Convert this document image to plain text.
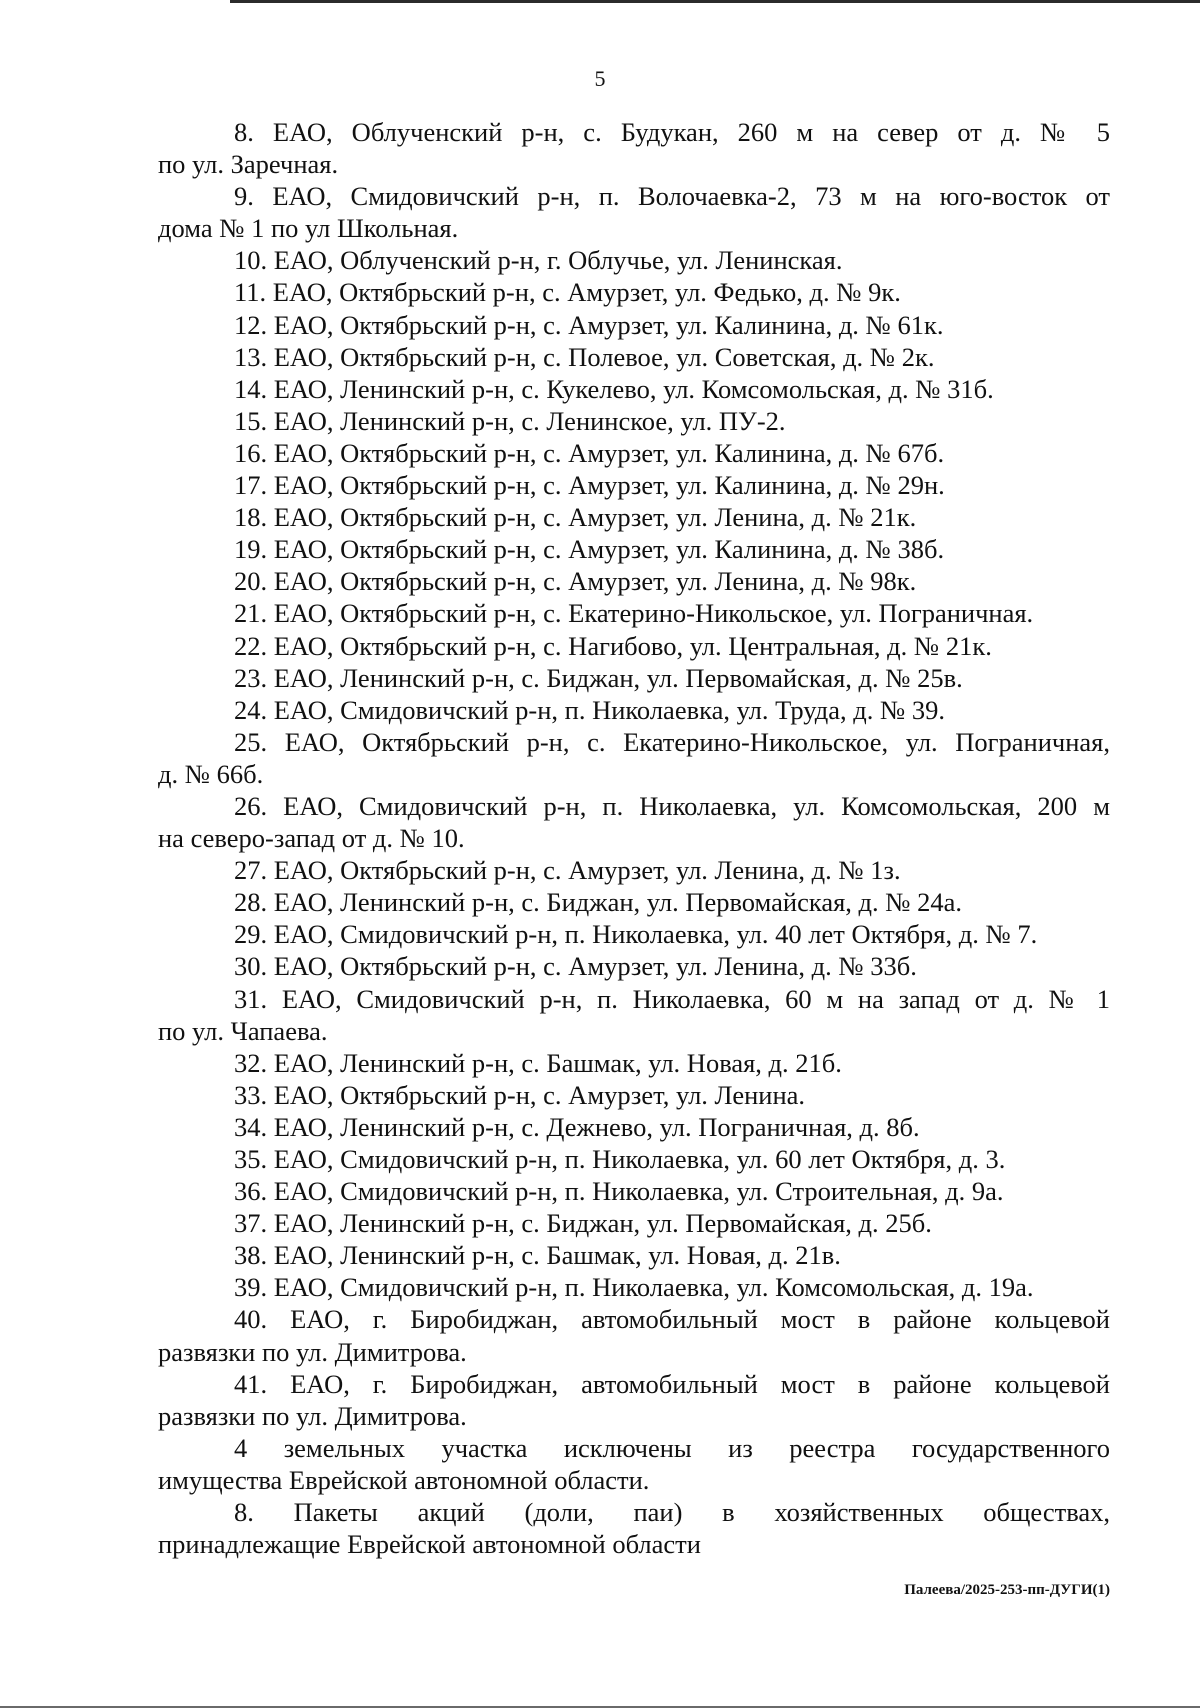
5

8. ЕАО, Облученский р-н, с. Будукан, 260 м на север от д. № 5
по ул. Заречная.

9. ЕАО, Смидовичский р-н, п. Волочаевка-2, 73 м на юго-восток от
дома № 1 по ул Школьная.

10. ЕАО, Облученский р-н, г. Облучье, ул. Ленинская.

11. ЕАО, Октябрьский р-н, с. Амурзет, ул. Федько, д. № 9к.

12. ЕАО, Октябрьский р-н, с. Амурзет, ул. Калинина, д. № 61к.

13. ЕАО, Октябрьский р-н, с. Полевое, ул. Советская, д. № 2к.

14. ЕАО, Ленинский р-н, с. Кукелево, ул. Комсомольская, д. № 31б.

15. ЕАО, Ленинский р-н, с. Ленинское, ул. ПУ-2.

16. ЕАО, Октябрьский р-н, с. Амурзет, ул. Калинина, д. № 67б.

17. ЕАО, Октябрьский р-н, с. Амурзет, ул. Калинина, д. № 29н.

18. ЕАО, Октябрьский р-н, с. Амурзет, ул. Ленина, д. № 21к.

19. ЕАО, Октябрьский р-н, с. Амурзет, ул. Калинина, д. № 38б.

20. ЕАО, Октябрьский р-н, с. Амурзет, ул. Ленина, д. № 98к.

21. ЕАО, Октябрьский р-н, с. Екатерино-Никольское, ул. Пограничная.

22. ЕАО, Октябрьский р-н, с. Нагибово, ул. Центральная, д. № 21к.

23. ЕАО, Ленинский р-н, с. Биджан, ул. Первомайская, д. № 25в.

24. ЕАО, Смидовичский р-н, п. Николаевка, ул. Труда, д. № 39.

25. ЕАО, Октябрьский р-н, с. Екатерино-Никольское, ул. Пограничная,
д. № 66б.

26. ЕАО, Смидовичский р-н, п. Николаевка, ул. Комсомольская, 200 м
на северо-запад от д. № 10.

27. ЕАО, Октябрьский р-н, с. Амурзет, ул. Ленина, д. № 1з.

28. ЕАО, Ленинский р-н, с. Биджан, ул. Первомайская, д. № 24а.

29. ЕАО, Смидовичский р-н, п. Николаевка, ул. 40 лет Октября, д. № 7.

30. ЕАО, Октябрьский р-н, с. Амурзет, ул. Ленина, д. № 33б.

31. ЕАО, Смидовичский р-н, п. Николаевка, 60 м на запад от д. № 1
по ул. Чапаева.

32. ЕАО, Ленинский р-н, с. Башмак, ул. Новая, д. 21б.

33. ЕАО, Октябрьский р-н, с. Амурзет, ул. Ленина.

34. ЕАО, Ленинский р-н, с. Дежнево, ул. Пограничная, д. 8б.

35. ЕАО, Смидовичский р-н, п. Николаевка, ул. 60 лет Октября, д. 3.

36. ЕАО, Смидовичский р-н, п. Николаевка, ул. Строительная, д. 9а.

37. ЕАО, Ленинский р-н, с. Биджан, ул. Первомайская, д. 25б.

38. ЕАО, Ленинский р-н, с. Башмак, ул. Новая, д. 21в.

39. ЕАО, Смидовичский р-н, п. Николаевка, ул. Комсомольская, д. 19а.

40. ЕАО, г. Биробиджан, автомобильный мост в районе кольцевой
развязки по ул. Димитрова.

41. ЕАО, г. Биробиджан, автомобильный мост в районе кольцевой
развязки по ул. Димитрова.

4 земельных участка исключены из реестра государственного
имущества Еврейской автономной области.

8. Пакеты акций (доли, паи) в хозяйственных обществах,
принадлежащие Еврейской автономной области

Палеева/2025-253-пп-ДУГИ(1)
